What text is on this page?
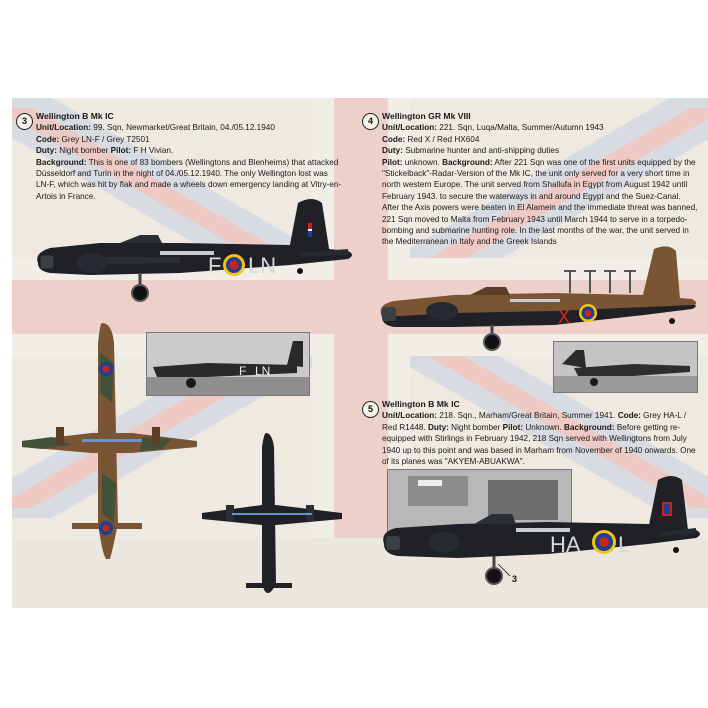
3	Wellington B Mk IC
Unit/Location: 99. Sqn, Newmarket/Great Britain, 04./05.12.1940
Code: Grey LN-F / Grey T2501
Duty: Night bomber Pilot: F H Vivian.
Background: This is one of 83 bombers (Wellingtons and Blenheims) that attacked Düsseldorf and Turin in the night of 04./05.12.1940. The only Wellington lost was LN-F, which was hit by flak and made a wheels down emergency landing at Vitry-en-Artois in France.
F LN
F LN
4	Wellington GR Mk VIII
Unit/Location: 221. Sqn, Luqa/Malta, Summer/Autumn 1943
Code: Red X / Red HX604
Duty: Submarine hunter and anti-shipping duties
Pilot: unknown. Background: After 221 Sqn was one of the first units equipped by the "Stickelback"-Radar-Version of the Mk IC, the unit only served for a very short time in north western Europe. The unit served from Shallufa in Egypt from August 1942 until February 1943. to secure the waterways in and around Egypt and the Suez-Canal. After the Axis powers were beaten in El Alamein and the immediate threat was banned, 221 Sqn moved to Malta from February 1943 until March 1944 to serve in a torpedo-bombing and submarine hunting role. In the last months of the war, the unit served in the Mediterranean in Italy and the Greek Islands
X
5	Wellington B Mk IC
Unit/Location: 218. Sqn., Marham/Great Britain, Summer 1941. Code: Grey HA-L / Red R1448. Duty: Night bomber Pilot: Unknown. Background: Before getting re-equipped with Stirlings in February 1942, 218 Sqn served with Wellingtons from July 1940 up to this point and was based in Marham from November of 1940 onwards. One of its planes was "AKYEM-ABUAKWA".
HA L
3
